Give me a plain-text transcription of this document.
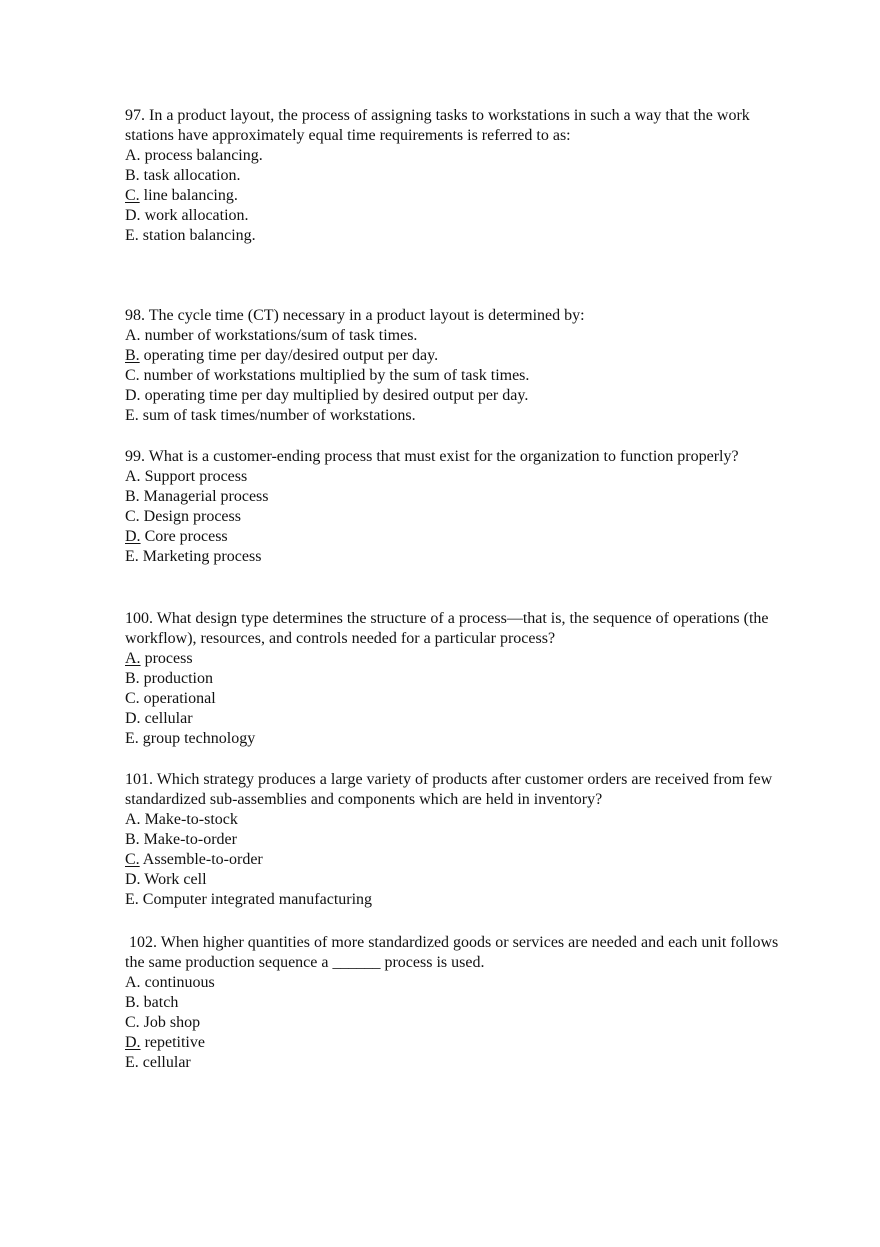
97. In a product layout, the process of assigning tasks to workstations in such a way that the work stations have approximately equal time requirements is referred to as:

A. process balancing.

B. task allocation.

C. line balancing.

D. work allocation.

E. station balancing.

98. The cycle time (CT) necessary in a product layout is determined by:

A. number of workstations/sum of task times.

B. operating time per day/desired output per day.

C. number of workstations multiplied by the sum of task times.

D. operating time per day multiplied by desired output per day.

E. sum of task times/number of workstations.

99. What is a customer-ending process that must exist for the organization to function properly?

A. Support process

B. Managerial process

C. Design process

D. Core process

E. Marketing process

100. What design type determines the structure of a process—that is, the sequence of operations (the workflow), resources, and controls needed for a particular process?

A. process

B. production

C. operational

D. cellular

E. group technology

101. Which strategy produces a large variety of products after customer orders are received from few standardized sub-assemblies and components which are held in inventory?

A. Make-to-stock

B. Make-to-order

C. Assemble-to-order

D. Work cell

E. Computer integrated manufacturing

102. When higher quantities of more standardized goods or services are needed and each unit follows the same production sequence a ______ process is used.

A. continuous

B. batch

C. Job shop

D. repetitive

E. cellular
